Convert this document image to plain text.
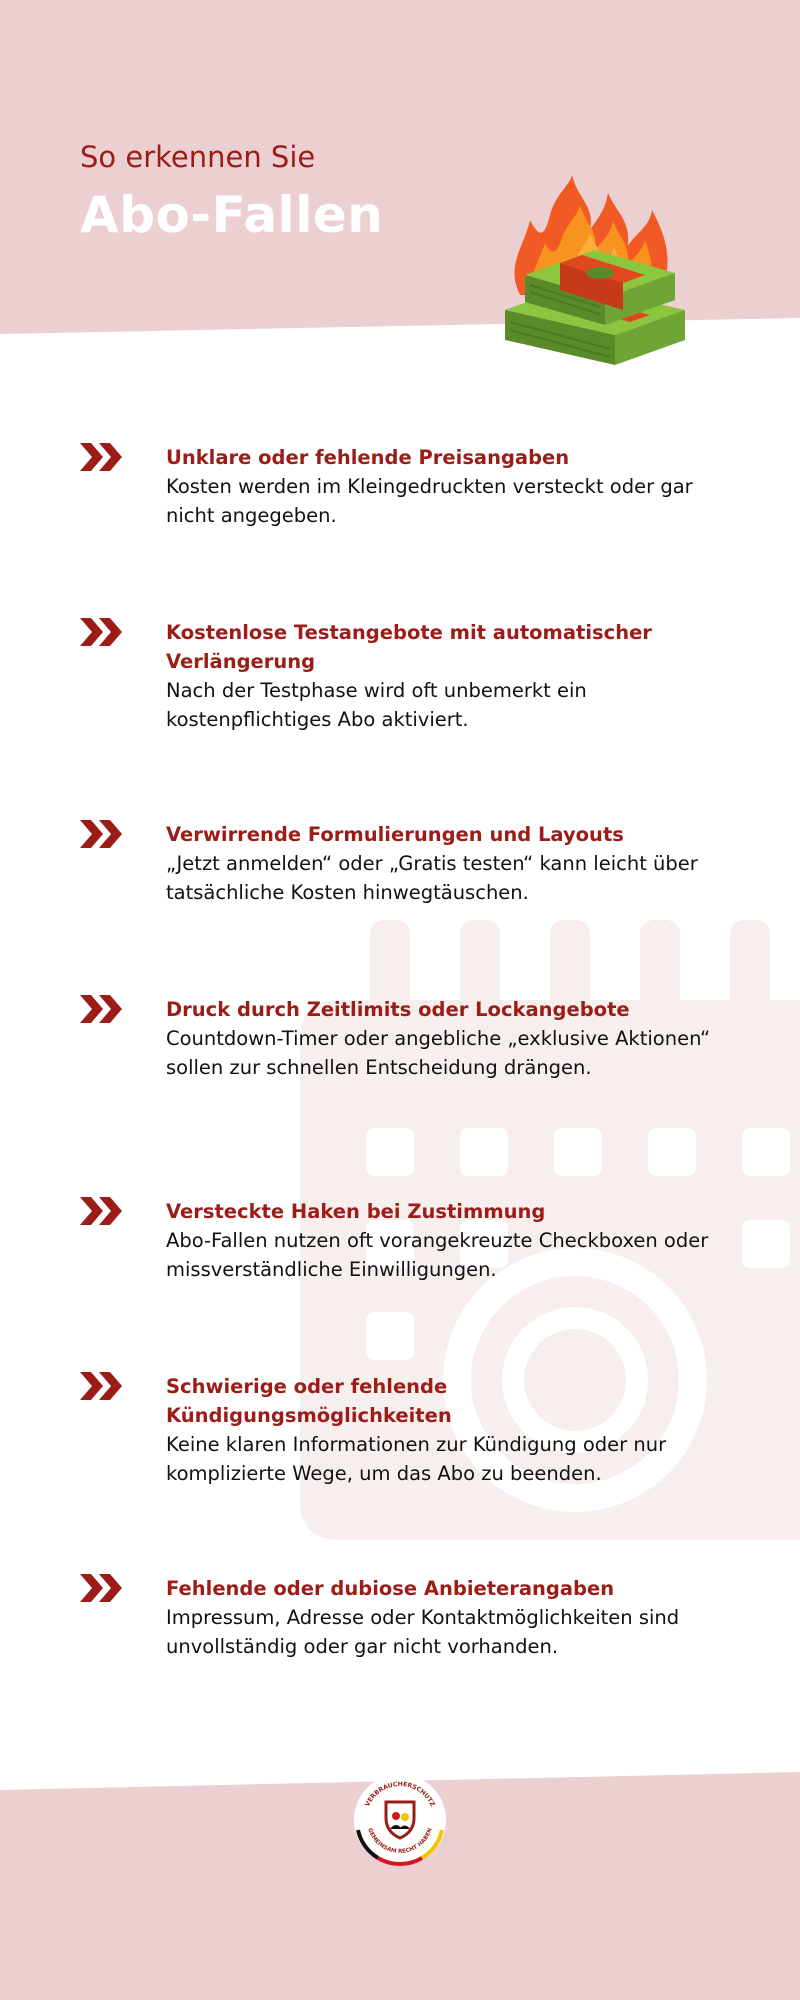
So erkennen Sie
Abo-Fallen

Unklare oder fehlende Preisangaben

Kosten werden im Kleingedruckten versteckt oder gar nicht angegeben.

Kostenlose Testangebote mit automatischer Verlängerung

Nach der Testphase wird oft unbemerkt ein kostenpflichtiges Abo aktiviert.

Verwirrende Formulierungen und Layouts

„Jetzt anmelden“ oder „Gratis testen“ kann leicht über tatsächliche Kosten hinwegtäuschen.

Druck durch Zeitlimits oder Lockangebote

Countdown-Timer oder angebliche „exklusive Aktionen“ sollen zur schnellen Entscheidung drängen.

Versteckte Haken bei Zustimmung

Abo-Fallen nutzen oft vorangekreuzte Checkboxen oder missverständliche Einwilligungen.

Schwierige oder fehlende Kündigungsmöglichkeiten

Keine klaren Informationen zur Kündigung oder nur komplizierte Wege, um das Abo zu beenden.

Fehlende oder dubiose Anbieterangaben

Impressum, Adresse oder Kontaktmöglichkeiten sind unvollständig oder gar nicht vorhanden.

VERBRAUCHERSCHUTZ
GEMEINSAM RECHT HABEN
